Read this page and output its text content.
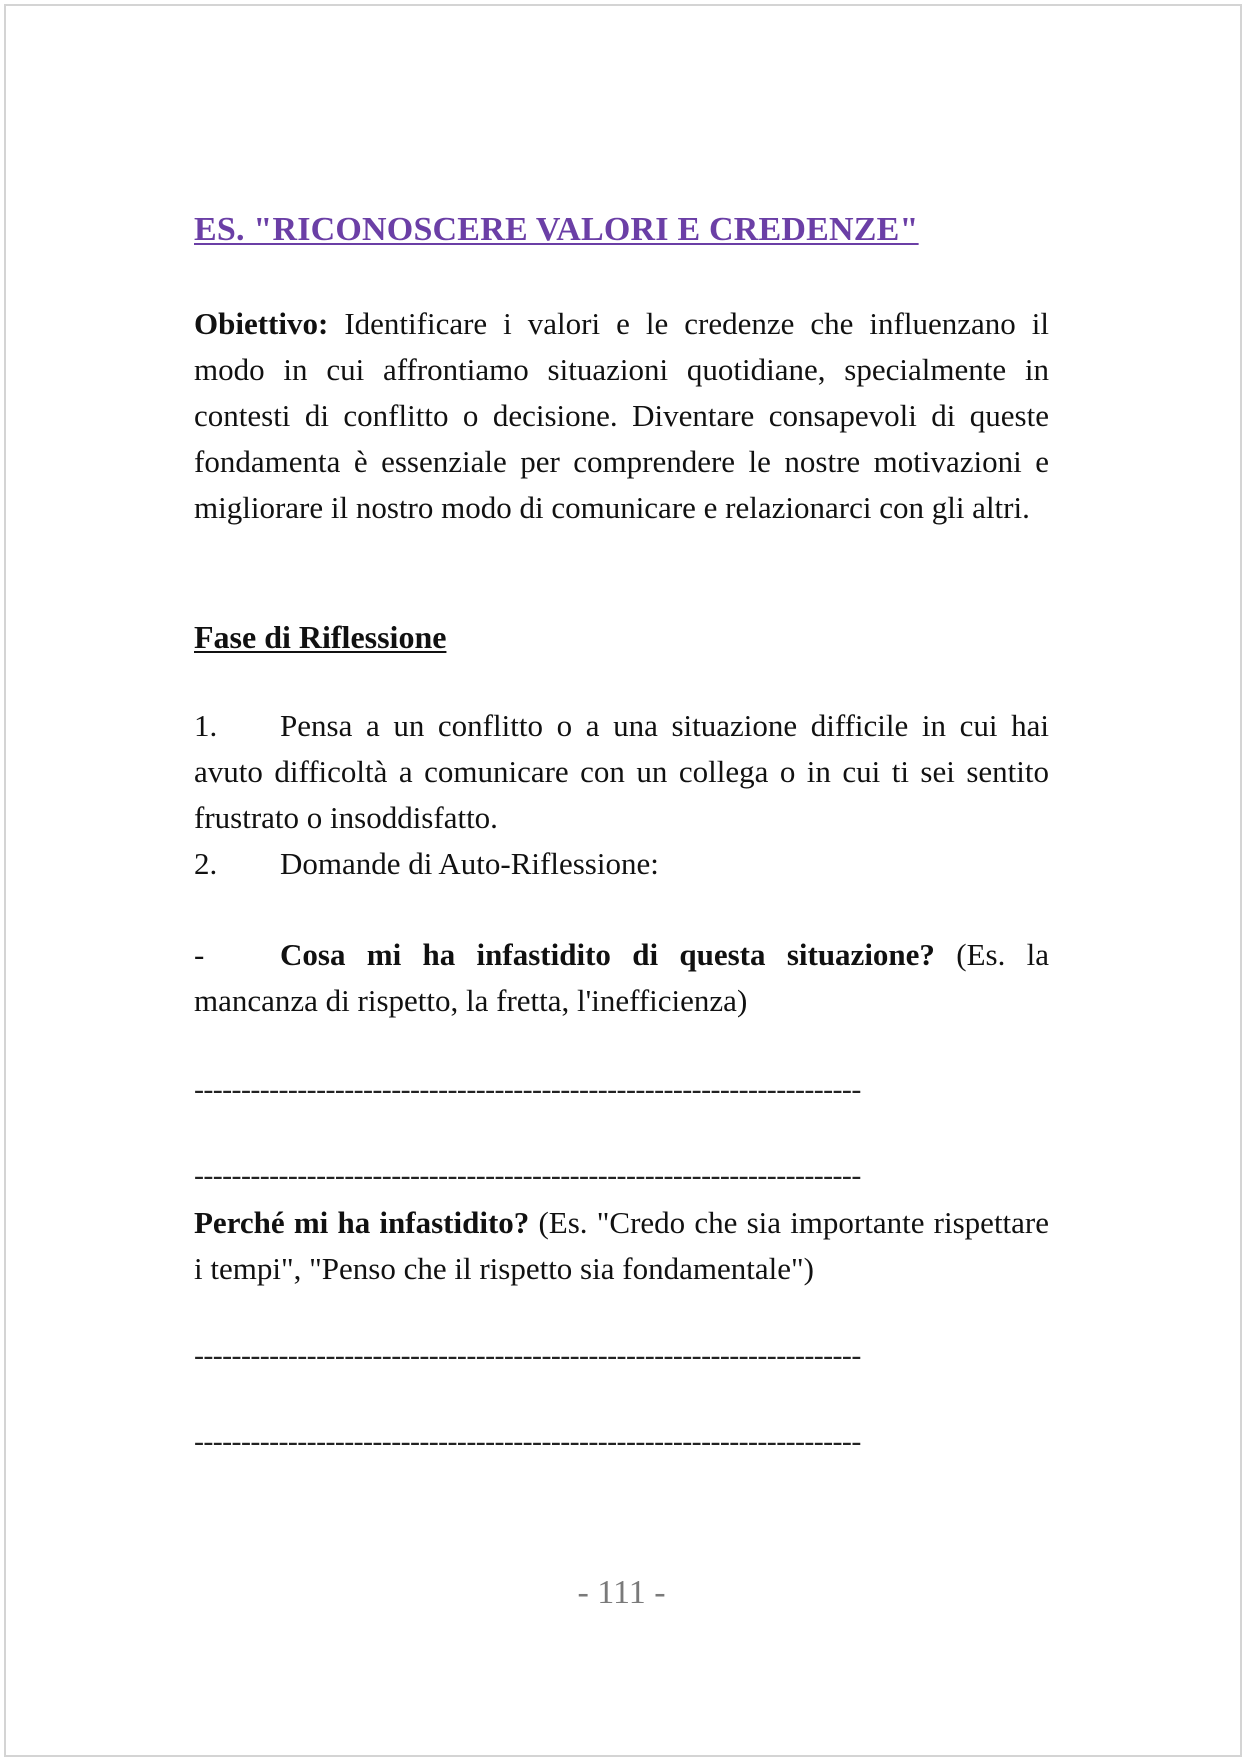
ES. "RICONOSCERE VALORI E CREDENZE"
Obiettivo: Identificare i valori e le credenze che influenzano il modo in cui affrontiamo situazioni quotidiane, specialmente in contesti di conflitto o decisione. Diventare consapevoli di queste fondamenta è essenziale per comprendere le nostre motivazioni e migliorare il nostro modo di comunicare e relazionarci con gli altri.
Fase di Riflessione
1. Pensa a un conflitto o a una situazione difficile in cui hai avuto difficoltà a comunicare con un collega o in cui ti sei sentito frustrato o insoddisfatto.
2. Domande di Auto-Riflessione:
- Cosa mi ha infastidito di questa situazione? (Es. la mancanza di rispetto, la fretta, l'inefficienza)
-----------------------------------------------------------------------
-----------------------------------------------------------------------
Perché mi ha infastidito? (Es. "Credo che sia importante rispettare i tempi", "Penso che il rispetto sia fondamentale")
-----------------------------------------------------------------------
-----------------------------------------------------------------------
- 111 -
